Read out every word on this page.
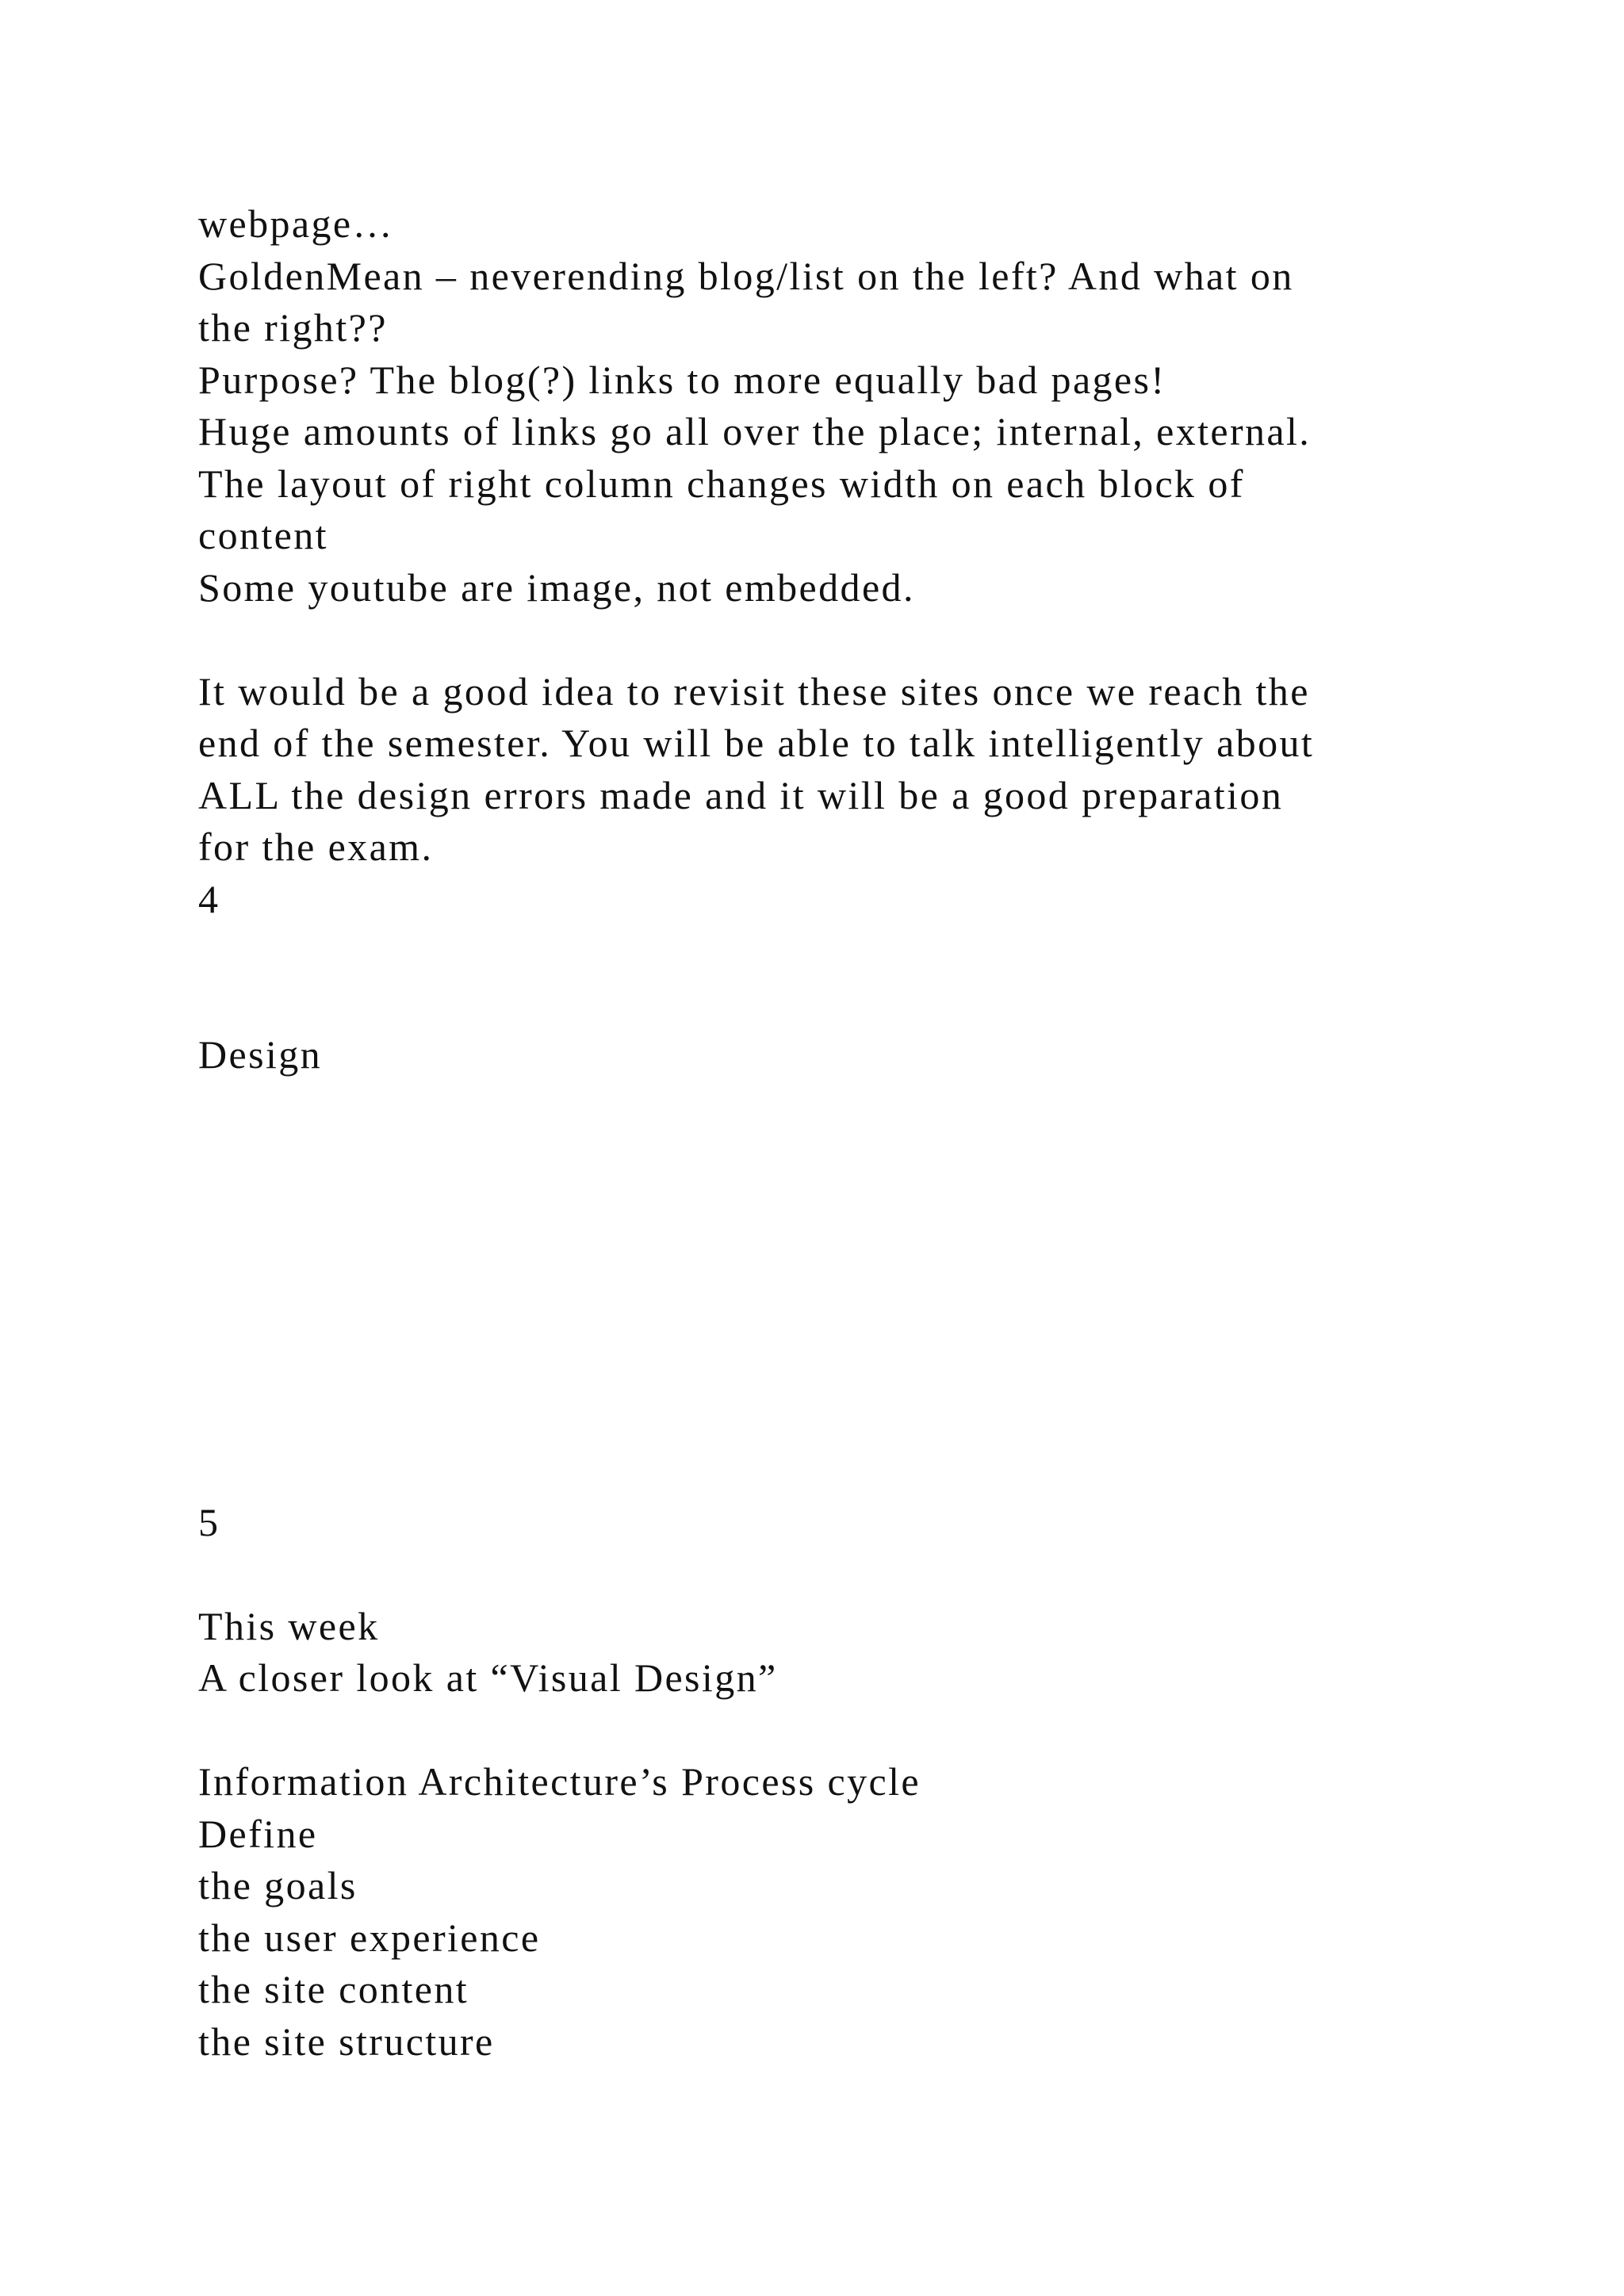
webpage…
GoldenMean – neverending blog/list on the left? And what on
the right??
Purpose? The blog(?) links to more equally bad pages!
Huge amounts of links go all over the place; internal, external.
The layout of right column changes width on each block of
content
Some youtube are image, not embedded.
It would be a good idea to revisit these sites once we reach the
end of the semester. You will be able to talk intelligently about
ALL the design errors made and it will be a good preparation
for the exam.
4
Design
5
This week
A closer look at “Visual Design”
Information Architecture’s Process cycle
Define
the goals
the user experience
the site content
the site structure
